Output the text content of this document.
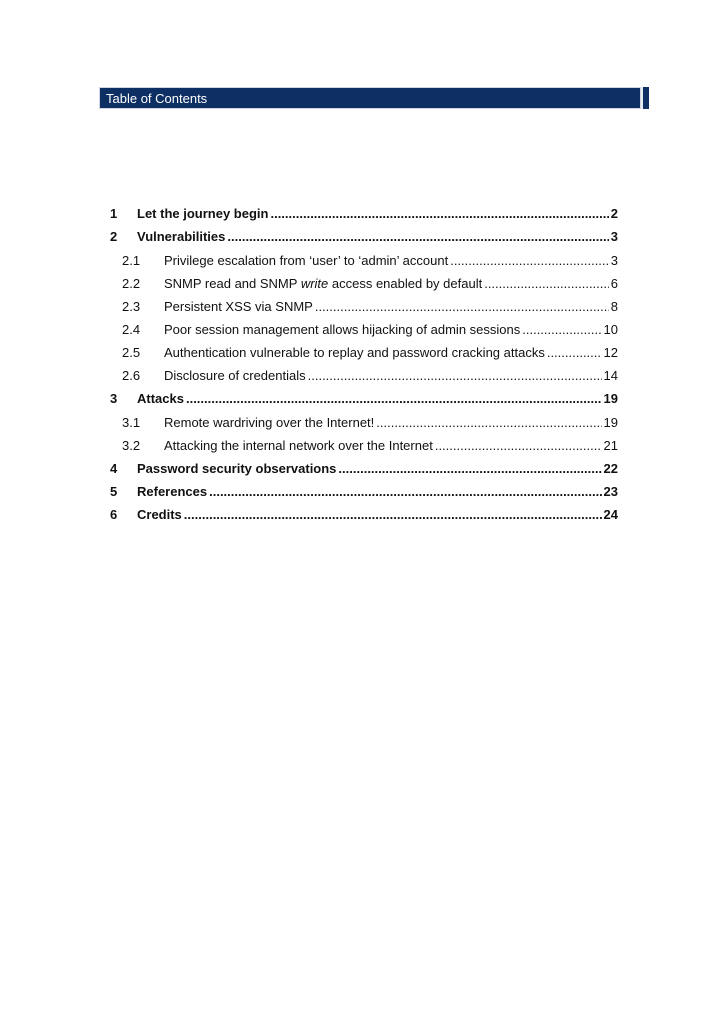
Table of Contents
1	Let the journey begin .....	2
2	Vulnerabilities .....	3
2.1	Privilege escalation from ‘user’ to ‘admin’ account .....	3
2.2	SNMP read and SNMP write access enabled by default .....	6
2.3	Persistent XSS via SNMP .....	8
2.4	Poor session management allows hijacking of admin sessions .....	10
2.5	Authentication vulnerable to replay and password cracking attacks .....	12
2.6	Disclosure of credentials .....	14
3	Attacks .....	19
3.1	Remote wardriving over the Internet! .....	19
3.2	Attacking the internal network over the Internet .....	21
4	Password security observations .....	22
5	References .....	23
6	Credits .....	24
